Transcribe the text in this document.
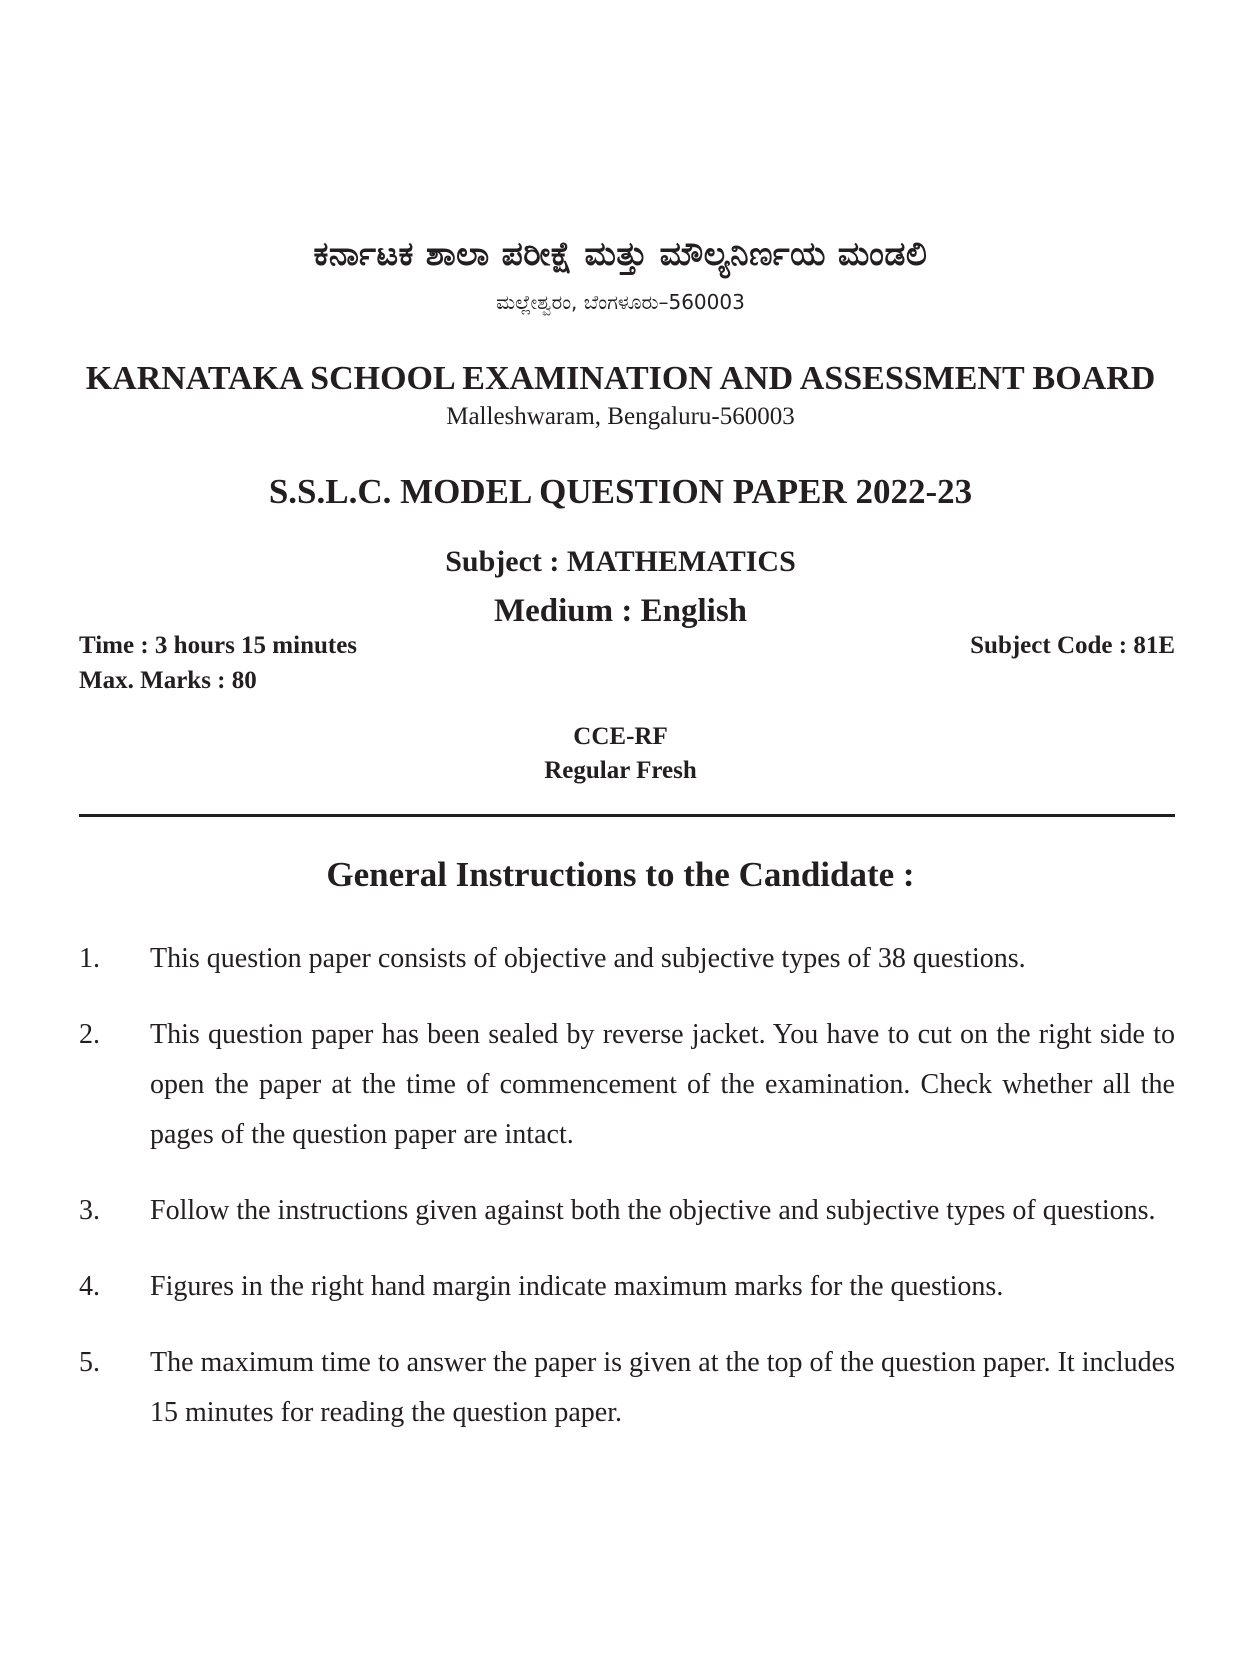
ಕರ್ನಾಟಕ ಶಾಲಾ ಪರೀಕ್ಷೆ ಮತ್ತು ಮೌಲ್ಯನಿರ್ಣಯ ಮಂಡಲಿ
ಮಲ್ಲೇಶ್ವರಂ, ಬೆಂಗಳೂರು–560003
KARNATAKA SCHOOL EXAMINATION AND ASSESSMENT BOARD
Malleshwaram, Bengaluru-560003
S.S.L.C. MODEL QUESTION PAPER 2022-23
Subject : MATHEMATICS
Medium : English
Time : 3 hours 15 minutes
Max. Marks : 80
Subject Code : 81E
CCE-RF
Regular Fresh
General Instructions to the Candidate :
1.	This question paper consists of objective and subjective types of 38 questions.
2.	This question paper has been sealed by reverse jacket. You have to cut on the right side to open the paper at the time of commencement of the examination. Check whether all the pages of the question paper are intact.
3.	Follow the instructions given against both the objective and subjective types of questions.
4.	Figures in the right hand margin indicate maximum marks for the questions.
5.	The maximum time to answer the paper is given at the top of the question paper. It includes 15 minutes for reading the question paper.
